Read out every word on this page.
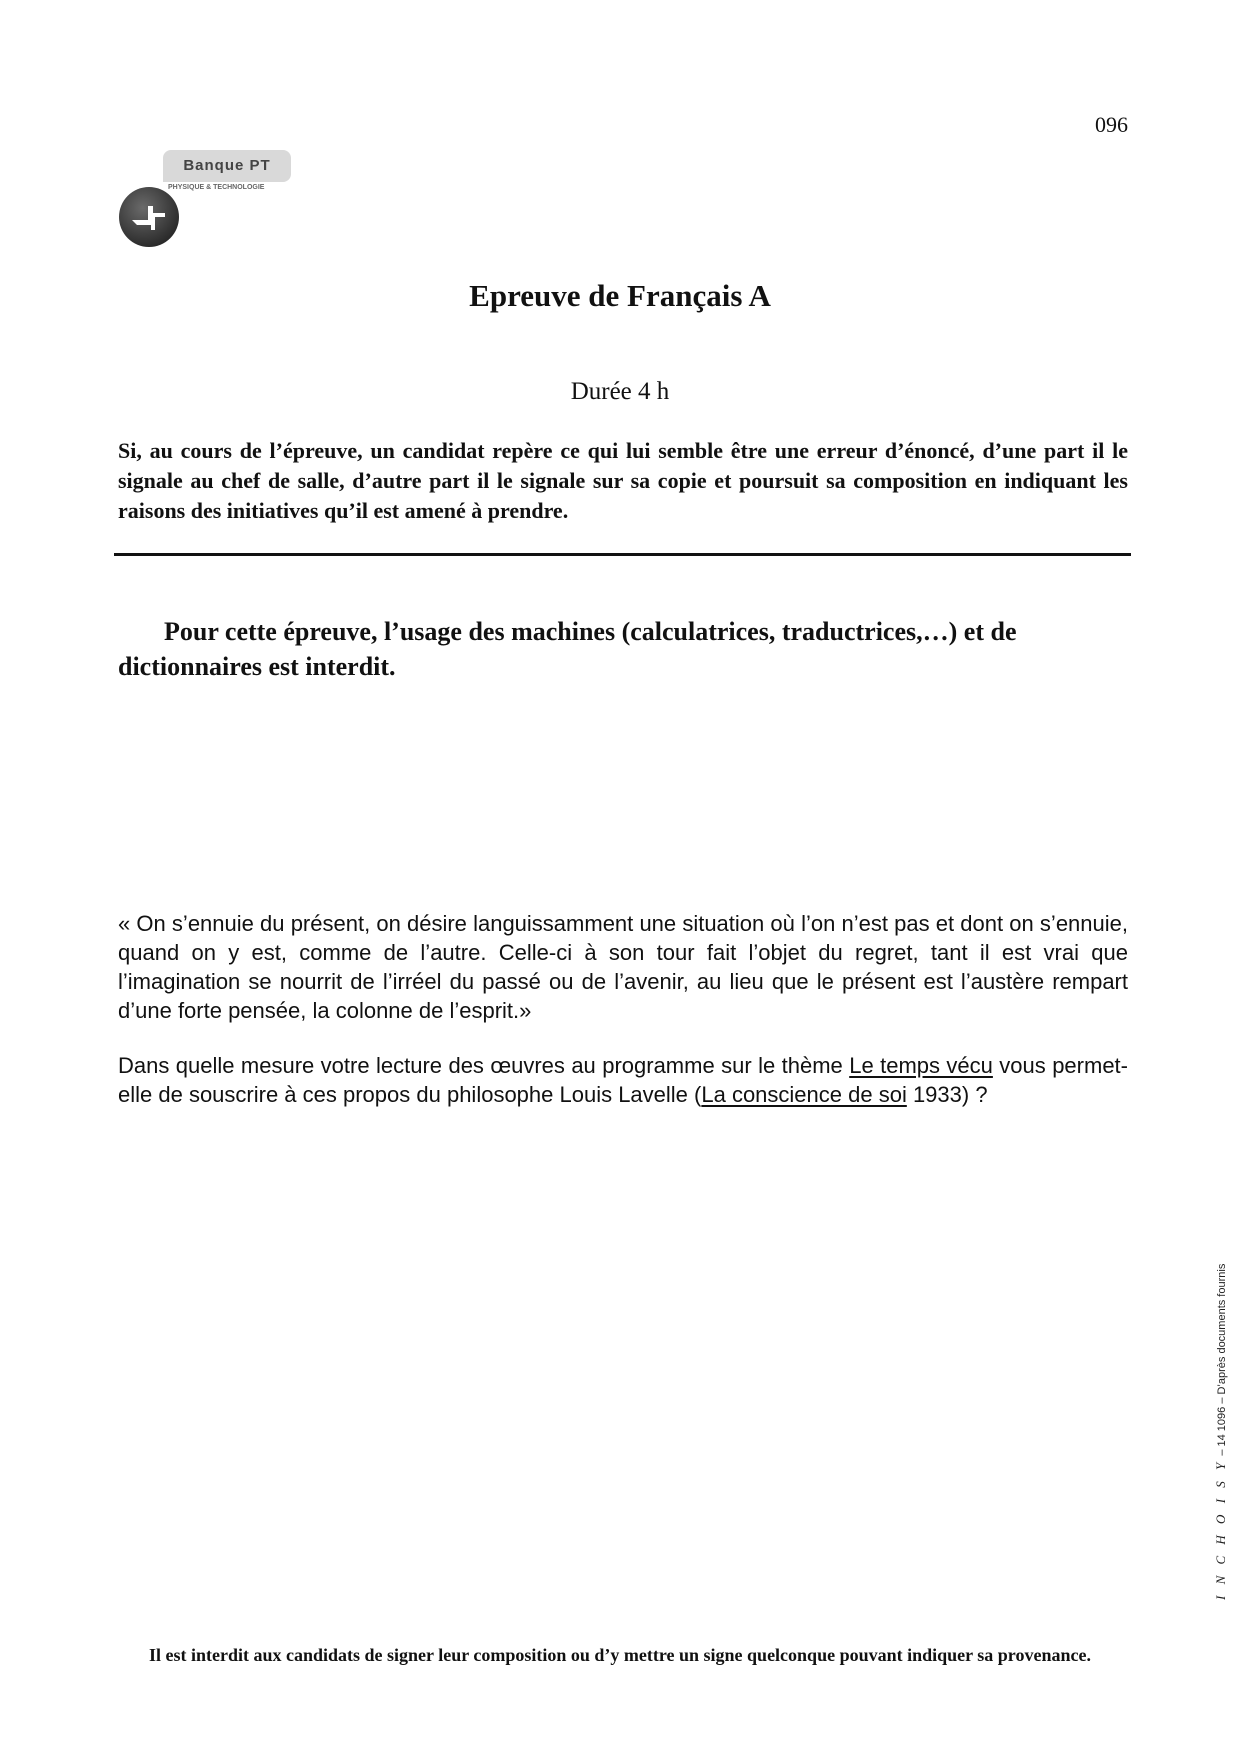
096
Banque PT
PHYSIQUE & TECHNOLOGIE
Epreuve de Français A
Durée 4 h

Si, au cours de l’épreuve, un candidat repère ce qui lui semble être une erreur d’énoncé, d’une part il le signale au chef de salle, d’autre part il le signale sur sa copie et poursuit sa composition en indiquant les raisons des initiatives qu’il est amené à prendre.

Pour cette épreuve, l’usage des machines (calculatrices, traductrices,…) et de dictionnaires est interdit.

« On s’ennuie du présent, on désire languissamment une situation où l’on n’est pas et dont on s’ennuie, quand on y est, comme de l’autre. Celle-ci à son tour fait l’objet du regret, tant il est vrai que l’imagination se nourrit de l’irréel du passé ou de l’avenir, au lieu que le présent est l’austère rempart d’une forte pensée, la colonne de l’esprit.»

Dans quelle mesure votre lecture des œuvres au programme sur le thème Le temps vécu vous permet-elle de souscrire à ces propos du philosophe Louis Lavelle (La conscience de soi 1933) ?

I N C H O I S Y – 14 1096 – D’après documents fournis
Il est interdit aux candidats de signer leur composition ou d’y mettre un signe quelconque pouvant indiquer sa provenance.
